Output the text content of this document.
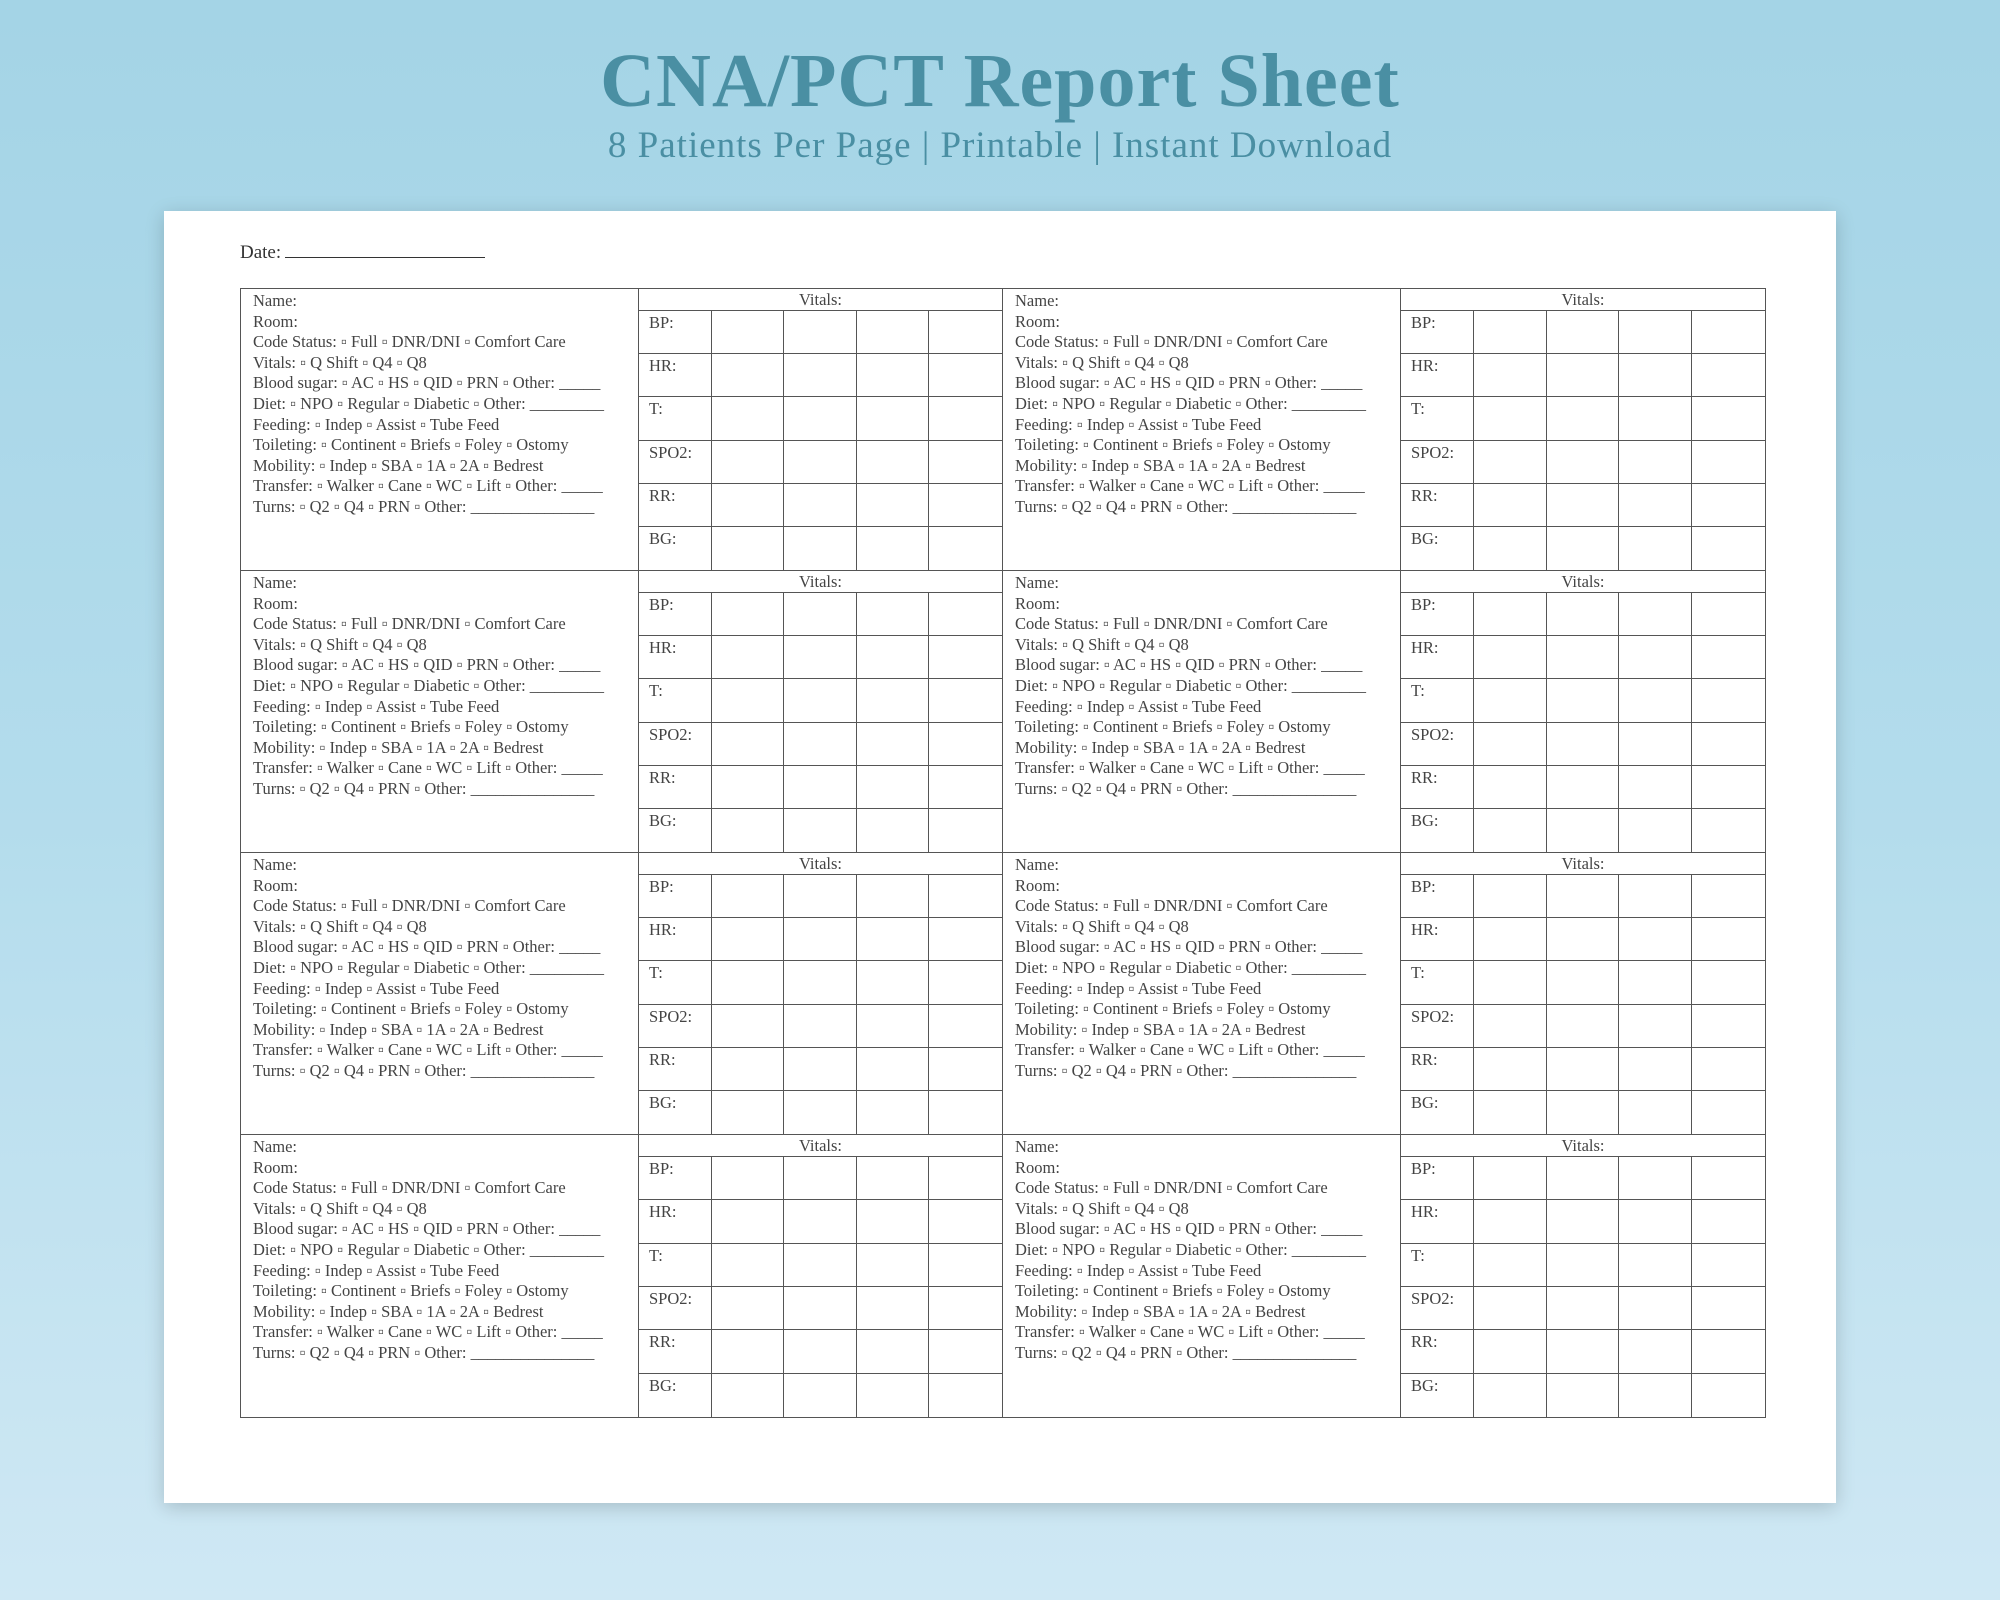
CNA/PCT Report Sheet
8 Patients Per Page | Printable | Instant Download
Date:
Name:
Room:
Code Status: ▫ Full ▫ DNR/DNI ▫ Comfort Care
Vitals: ▫ Q Shift ▫ Q4 ▫ Q8
Blood sugar: ▫ AC ▫ HS ▫ QID ▫ PRN ▫ Other: _____
Diet: ▫ NPO ▫ Regular ▫ Diabetic ▫ Other: _________
Feeding: ▫ Indep ▫ Assist ▫ Tube Feed
Toileting: ▫ Continent ▫ Briefs ▫ Foley ▫ Ostomy
Mobility: ▫ Indep ▫ SBA ▫ 1A ▫ 2A ▫ Bedrest
Transfer: ▫ Walker ▫ Cane ▫ WC ▫ Lift ▫ Other: _____
Turns: ▫ Q2 ▫ Q4 ▫ PRN ▫ Other: _______________
Vitals:
BP:
HR:
T:
SPO2:
RR:
BG:
Name:
Room:
Code Status: ▫ Full ▫ DNR/DNI ▫ Comfort Care
Vitals: ▫ Q Shift ▫ Q4 ▫ Q8
Blood sugar: ▫ AC ▫ HS ▫ QID ▫ PRN ▫ Other: _____
Diet: ▫ NPO ▫ Regular ▫ Diabetic ▫ Other: _________
Feeding: ▫ Indep ▫ Assist ▫ Tube Feed
Toileting: ▫ Continent ▫ Briefs ▫ Foley ▫ Ostomy
Mobility: ▫ Indep ▫ SBA ▫ 1A ▫ 2A ▫ Bedrest
Transfer: ▫ Walker ▫ Cane ▫ WC ▫ Lift ▫ Other: _____
Turns: ▫ Q2 ▫ Q4 ▫ PRN ▫ Other: _______________
Vitals:
BP:
HR:
T:
SPO2:
RR:
BG:
Name:
Room:
Code Status: ▫ Full ▫ DNR/DNI ▫ Comfort Care
Vitals: ▫ Q Shift ▫ Q4 ▫ Q8
Blood sugar: ▫ AC ▫ HS ▫ QID ▫ PRN ▫ Other: _____
Diet: ▫ NPO ▫ Regular ▫ Diabetic ▫ Other: _________
Feeding: ▫ Indep ▫ Assist ▫ Tube Feed
Toileting: ▫ Continent ▫ Briefs ▫ Foley ▫ Ostomy
Mobility: ▫ Indep ▫ SBA ▫ 1A ▫ 2A ▫ Bedrest
Transfer: ▫ Walker ▫ Cane ▫ WC ▫ Lift ▫ Other: _____
Turns: ▫ Q2 ▫ Q4 ▫ PRN ▫ Other: _______________
Vitals:
BP:
HR:
T:
SPO2:
RR:
BG:
Name:
Room:
Code Status: ▫ Full ▫ DNR/DNI ▫ Comfort Care
Vitals: ▫ Q Shift ▫ Q4 ▫ Q8
Blood sugar: ▫ AC ▫ HS ▫ QID ▫ PRN ▫ Other: _____
Diet: ▫ NPO ▫ Regular ▫ Diabetic ▫ Other: _________
Feeding: ▫ Indep ▫ Assist ▫ Tube Feed
Toileting: ▫ Continent ▫ Briefs ▫ Foley ▫ Ostomy
Mobility: ▫ Indep ▫ SBA ▫ 1A ▫ 2A ▫ Bedrest
Transfer: ▫ Walker ▫ Cane ▫ WC ▫ Lift ▫ Other: _____
Turns: ▫ Q2 ▫ Q4 ▫ PRN ▫ Other: _______________
Vitals:
BP:
HR:
T:
SPO2:
RR:
BG:
Name:
Room:
Code Status: ▫ Full ▫ DNR/DNI ▫ Comfort Care
Vitals: ▫ Q Shift ▫ Q4 ▫ Q8
Blood sugar: ▫ AC ▫ HS ▫ QID ▫ PRN ▫ Other: _____
Diet: ▫ NPO ▫ Regular ▫ Diabetic ▫ Other: _________
Feeding: ▫ Indep ▫ Assist ▫ Tube Feed
Toileting: ▫ Continent ▫ Briefs ▫ Foley ▫ Ostomy
Mobility: ▫ Indep ▫ SBA ▫ 1A ▫ 2A ▫ Bedrest
Transfer: ▫ Walker ▫ Cane ▫ WC ▫ Lift ▫ Other: _____
Turns: ▫ Q2 ▫ Q4 ▫ PRN ▫ Other: _______________
Vitals:
BP:
HR:
T:
SPO2:
RR:
BG:
Name:
Room:
Code Status: ▫ Full ▫ DNR/DNI ▫ Comfort Care
Vitals: ▫ Q Shift ▫ Q4 ▫ Q8
Blood sugar: ▫ AC ▫ HS ▫ QID ▫ PRN ▫ Other: _____
Diet: ▫ NPO ▫ Regular ▫ Diabetic ▫ Other: _________
Feeding: ▫ Indep ▫ Assist ▫ Tube Feed
Toileting: ▫ Continent ▫ Briefs ▫ Foley ▫ Ostomy
Mobility: ▫ Indep ▫ SBA ▫ 1A ▫ 2A ▫ Bedrest
Transfer: ▫ Walker ▫ Cane ▫ WC ▫ Lift ▫ Other: _____
Turns: ▫ Q2 ▫ Q4 ▫ PRN ▫ Other: _______________
Vitals:
BP:
HR:
T:
SPO2:
RR:
BG:
Name:
Room:
Code Status: ▫ Full ▫ DNR/DNI ▫ Comfort Care
Vitals: ▫ Q Shift ▫ Q4 ▫ Q8
Blood sugar: ▫ AC ▫ HS ▫ QID ▫ PRN ▫ Other: _____
Diet: ▫ NPO ▫ Regular ▫ Diabetic ▫ Other: _________
Feeding: ▫ Indep ▫ Assist ▫ Tube Feed
Toileting: ▫ Continent ▫ Briefs ▫ Foley ▫ Ostomy
Mobility: ▫ Indep ▫ SBA ▫ 1A ▫ 2A ▫ Bedrest
Transfer: ▫ Walker ▫ Cane ▫ WC ▫ Lift ▫ Other: _____
Turns: ▫ Q2 ▫ Q4 ▫ PRN ▫ Other: _______________
Vitals:
BP:
HR:
T:
SPO2:
RR:
BG:
Name:
Room:
Code Status: ▫ Full ▫ DNR/DNI ▫ Comfort Care
Vitals: ▫ Q Shift ▫ Q4 ▫ Q8
Blood sugar: ▫ AC ▫ HS ▫ QID ▫ PRN ▫ Other: _____
Diet: ▫ NPO ▫ Regular ▫ Diabetic ▫ Other: _________
Feeding: ▫ Indep ▫ Assist ▫ Tube Feed
Toileting: ▫ Continent ▫ Briefs ▫ Foley ▫ Ostomy
Mobility: ▫ Indep ▫ SBA ▫ 1A ▫ 2A ▫ Bedrest
Transfer: ▫ Walker ▫ Cane ▫ WC ▫ Lift ▫ Other: _____
Turns: ▫ Q2 ▫ Q4 ▫ PRN ▫ Other: _______________
Vitals:
BP:
HR:
T:
SPO2:
RR:
BG:
